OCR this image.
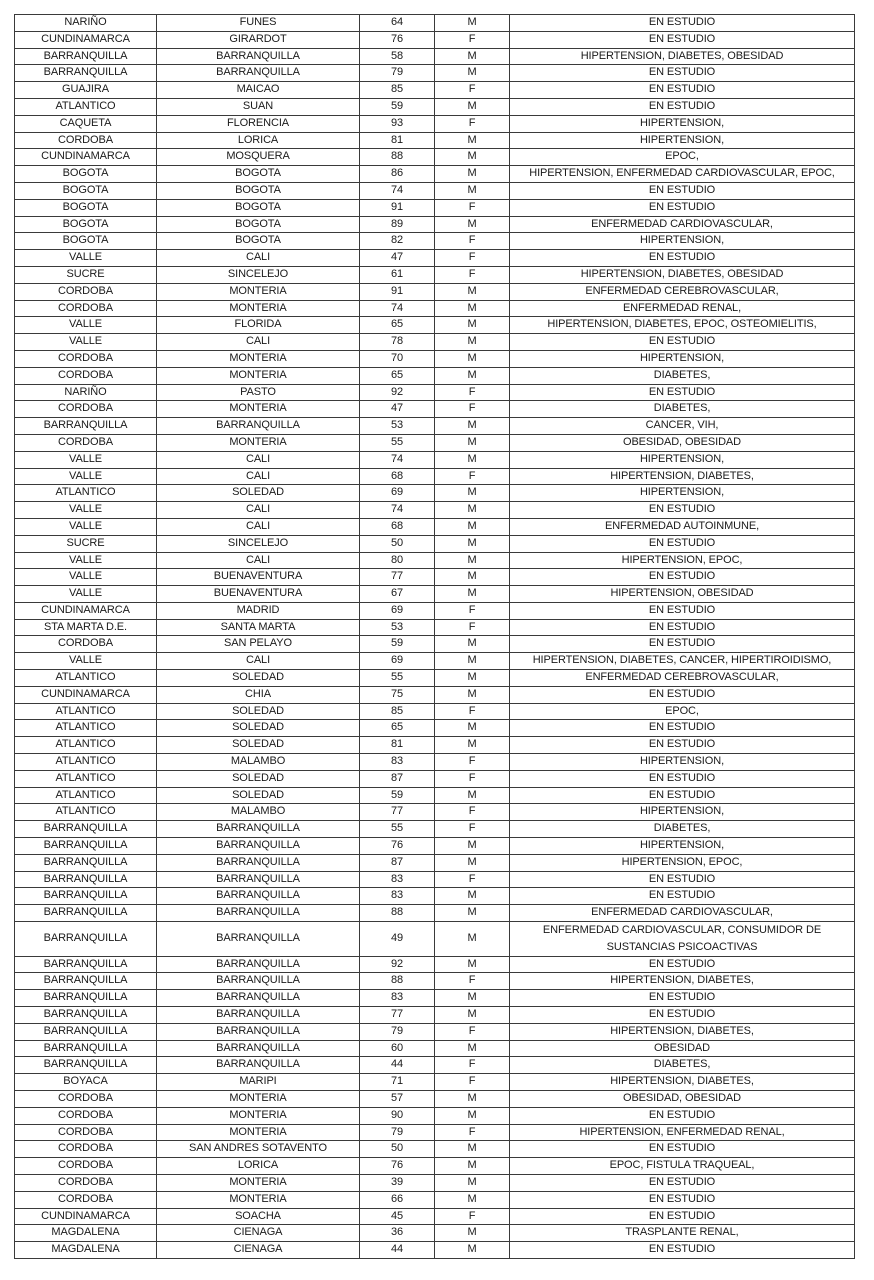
NARIÑO	FUNES	64	M	EN ESTUDIO
CUNDINAMARCA	GIRARDOT	76	F	EN ESTUDIO
BARRANQUILLA	BARRANQUILLA	58	M	HIPERTENSION, DIABETES, OBESIDAD
BARRANQUILLA	BARRANQUILLA	79	M	EN ESTUDIO
GUAJIRA	MAICAO	85	F	EN ESTUDIO
ATLANTICO	SUAN	59	M	EN ESTUDIO
CAQUETA	FLORENCIA	93	F	HIPERTENSION,
CORDOBA	LORICA	81	M	HIPERTENSION,
CUNDINAMARCA	MOSQUERA	88	M	EPOC,
BOGOTA	BOGOTA	86	M	HIPERTENSION, ENFERMEDAD CARDIOVASCULAR, EPOC,
BOGOTA	BOGOTA	74	M	EN ESTUDIO
BOGOTA	BOGOTA	91	F	EN ESTUDIO
BOGOTA	BOGOTA	89	M	ENFERMEDAD CARDIOVASCULAR,
BOGOTA	BOGOTA	82	F	HIPERTENSION,
VALLE	CALI	47	F	EN ESTUDIO
SUCRE	SINCELEJO	61	F	HIPERTENSION, DIABETES, OBESIDAD
CORDOBA	MONTERIA	91	M	ENFERMEDAD CEREBROVASCULAR,
CORDOBA	MONTERIA	74	M	ENFERMEDAD RENAL,
VALLE	FLORIDA	65	M	HIPERTENSION, DIABETES, EPOC, OSTEOMIELITIS,
VALLE	CALI	78	M	EN ESTUDIO
CORDOBA	MONTERIA	70	M	HIPERTENSION,
CORDOBA	MONTERIA	65	M	DIABETES,
NARIÑO	PASTO	92	F	EN ESTUDIO
CORDOBA	MONTERIA	47	F	DIABETES,
BARRANQUILLA	BARRANQUILLA	53	M	CANCER, VIH,
CORDOBA	MONTERIA	55	M	OBESIDAD, OBESIDAD
VALLE	CALI	74	M	HIPERTENSION,
VALLE	CALI	68	F	HIPERTENSION, DIABETES,
ATLANTICO	SOLEDAD	69	M	HIPERTENSION,
VALLE	CALI	74	M	EN ESTUDIO
VALLE	CALI	68	M	ENFERMEDAD AUTOINMUNE,
SUCRE	SINCELEJO	50	M	EN ESTUDIO
VALLE	CALI	80	M	HIPERTENSION, EPOC,
VALLE	BUENAVENTURA	77	M	EN ESTUDIO
VALLE	BUENAVENTURA	67	M	HIPERTENSION, OBESIDAD
CUNDINAMARCA	MADRID	69	F	EN ESTUDIO
STA MARTA D.E.	SANTA MARTA	53	F	EN ESTUDIO
CORDOBA	SAN PELAYO	59	M	EN ESTUDIO
VALLE	CALI	69	M	HIPERTENSION, DIABETES, CANCER, HIPERTIROIDISMO,
ATLANTICO	SOLEDAD	55	M	ENFERMEDAD CEREBROVASCULAR,
CUNDINAMARCA	CHIA	75	M	EN ESTUDIO
ATLANTICO	SOLEDAD	85	F	EPOC,
ATLANTICO	SOLEDAD	65	M	EN ESTUDIO
ATLANTICO	SOLEDAD	81	M	EN ESTUDIO
ATLANTICO	MALAMBO	83	F	HIPERTENSION,
ATLANTICO	SOLEDAD	87	F	EN ESTUDIO
ATLANTICO	SOLEDAD	59	M	EN ESTUDIO
ATLANTICO	MALAMBO	77	F	HIPERTENSION,
BARRANQUILLA	BARRANQUILLA	55	F	DIABETES,
BARRANQUILLA	BARRANQUILLA	76	M	HIPERTENSION,
BARRANQUILLA	BARRANQUILLA	87	M	HIPERTENSION, EPOC,
BARRANQUILLA	BARRANQUILLA	83	F	EN ESTUDIO
BARRANQUILLA	BARRANQUILLA	83	M	EN ESTUDIO
BARRANQUILLA	BARRANQUILLA	88	M	ENFERMEDAD CARDIOVASCULAR,
BARRANQUILLA	BARRANQUILLA	49	M	ENFERMEDAD CARDIOVASCULAR, CONSUMIDOR DE SUSTANCIAS PSICOACTIVAS
BARRANQUILLA	BARRANQUILLA	92	M	EN ESTUDIO
BARRANQUILLA	BARRANQUILLA	88	F	HIPERTENSION, DIABETES,
BARRANQUILLA	BARRANQUILLA	83	M	EN ESTUDIO
BARRANQUILLA	BARRANQUILLA	77	M	EN ESTUDIO
BARRANQUILLA	BARRANQUILLA	79	F	HIPERTENSION, DIABETES,
BARRANQUILLA	BARRANQUILLA	60	M	OBESIDAD
BARRANQUILLA	BARRANQUILLA	44	F	DIABETES,
BOYACA	MARIPI	71	F	HIPERTENSION, DIABETES,
CORDOBA	MONTERIA	57	M	OBESIDAD, OBESIDAD
CORDOBA	MONTERIA	90	M	EN ESTUDIO
CORDOBA	MONTERIA	79	F	HIPERTENSION, ENFERMEDAD RENAL,
CORDOBA	SAN ANDRES SOTAVENTO	50	M	EN ESTUDIO
CORDOBA	LORICA	76	M	EPOC, FISTULA TRAQUEAL,
CORDOBA	MONTERIA	39	M	EN ESTUDIO
CORDOBA	MONTERIA	66	M	EN ESTUDIO
CUNDINAMARCA	SOACHA	45	F	EN ESTUDIO
MAGDALENA	CIENAGA	36	M	TRASPLANTE RENAL,
MAGDALENA	CIENAGA	44	M	EN ESTUDIO
